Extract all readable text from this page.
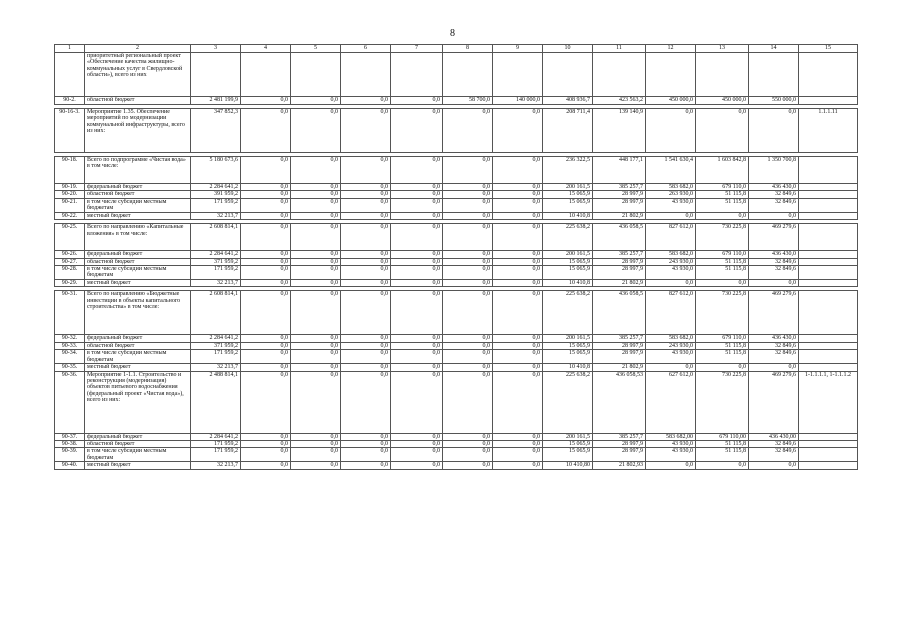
8
1	2	3	4	5	6	7	8	9	10	11	12	13	14	15
	приоритетный региональный проект «Обеспечение качества жилищно-коммунальных услуг в Свердловской области»), всего из них													
90-2.	областной бюджет	2 481 199,9	0,0	0,0	0,0	0,0	58 700,0	140 000,0	408 936,7	423 563,2	450 000,0	450 000,0	550 000,0	

90-16-3.	Мероприятие 1.35. Обеспечение мероприятий по модернизации коммунальной инфраструктуры, всего из них:	347 852,3	0,0	0,0	0,0	0,0	0,0	0,0	208 711,4	139 140,9	0,0	0,0	0,0	1.1.1.11

90-18.	Всего по подпрограмме «Чистая вода» в том числе:	5 180 673,6	0,0	0,0	0,0	0,0	0,0	0,0	236 322,5	448 177,1	1 541 630,4	1 603 842,8	1 350 700,8	
90-19.	федеральный бюджет	2 284 641,2	0,0	0,0	0,0	0,0	0,0	0,0	200 161,5	385 257,7	583 682,0	679 110,0	436 430,0	
90-20.	областной бюджет	391 959,2	0,0	0,0	0,0	0,0	0,0	0,0	15 065,9	28 997,9	263 930,0	51 115,8	32 849,6	
90-21.	в том числе субсидии местным бюджетам	171 959,2	0,0	0,0	0,0	0,0	0,0	0,0	15 065,9	28 997,9	43 930,0	51 115,8	32 849,6	
90-22.	местный бюджет	32 213,7	0,0	0,0	0,0	0,0	0,0	0,0	10 410,8	21 802,9	0,0	0,0	0,0	

90-25.	Всего по направлению «Капитальные вложения» в том числе:	2 608 814,1	0,0	0,0	0,0	0,0	0,0	0,0	225 638,2	436 058,5	827 612,0	730 225,8	469 279,6	
90-26.	федеральный бюджет	2 284 641,2	0,0	0,0	0,0	0,0	0,0	0,0	200 161,5	385 257,7	583 682,0	679 110,0	436 430,0	
90-27.	областной бюджет	371 959,2	0,0	0,0	0,0	0,0	0,0	0,0	15 065,9	28 997,9	243 930,0	51 115,8	32 849,6	
90-28.	в том числе субсидии местным бюджетам	171 959,2	0,0	0,0	0,0	0,0	0,0	0,0	15 065,9	28 997,9	43 930,0	51 115,8	32 849,6	
90-29.	местный бюджет	32 213,7	0,0	0,0	0,0	0,0	0,0	0,0	10 410,8	21 802,9	0,0	0,0	0,0	

90-31.	Всего по направлению «Бюджетные инвестиции в объекты капитального строительства» в том числе:	2 608 814,1	0,0	0,0	0,0	0,0	0,0	0,0	225 638,2	436 058,5	827 612,0	730 225,8	469 279,6	
90-32.	федеральный бюджет	2 284 641,2	0,0	0,0	0,0	0,0	0,0	0,0	200 161,5	385 257,7	583 682,0	679 110,0	436 430,0	
90-33.	областной бюджет	371 959,2	0,0	0,0	0,0	0,0	0,0	0,0	15 065,9	28 997,9	243 930,0	51 115,8	32 849,6	
90-34.	в том числе субсидии местным бюджетам	171 959,2	0,0	0,0	0,0	0,0	0,0	0,0	15 065,9	28 997,9	43 930,0	51 115,8	32 849,6	
90-35.	местный бюджет	32 213,7	0,0	0,0	0,0	0,0	0,0	0,0	10 410,8	21 802,9	0,0	0,0	0,0	
90-36.	Мероприятие 1-1.1. Строительство и реконструкция (модернизация) объектов питьевого водоснабжения (федеральный проект «Чистая вода»), всего из них:	2 488 814,1	0,0	0,0	0,0	0,0	0,0	0,0	225 638,2	436 058,53	627 612,0	730 225,8	469 279,6	1-1.1.1.1, 1-1.1.1.2
90-37.	федеральный бюджет	2 284 641,2	0,0	0,0	0,0	0,0	0,0	0,0	200 161,5	385 257,7	583 682,00	679 110,00	436 430,00	
90-38.	областной бюджет	171 959,2	0,0	0,0	0,0	0,0	0,0	0,0	15 065,9	28 997,9	43 930,0	51 115,8	32 849,6	
90-39.	в том числе субсидии местным бюджетам	171 959,2	0,0	0,0	0,0	0,0	0,0	0,0	15 065,9	28 997,9	43 930,0	51 115,8	32 849,6	
90-40.	местный бюджет	32 213,7	0,0	0,0	0,0	0,0	0,0	0,0	10 410,80	21 802,93	0,0	0,0	0,0	
